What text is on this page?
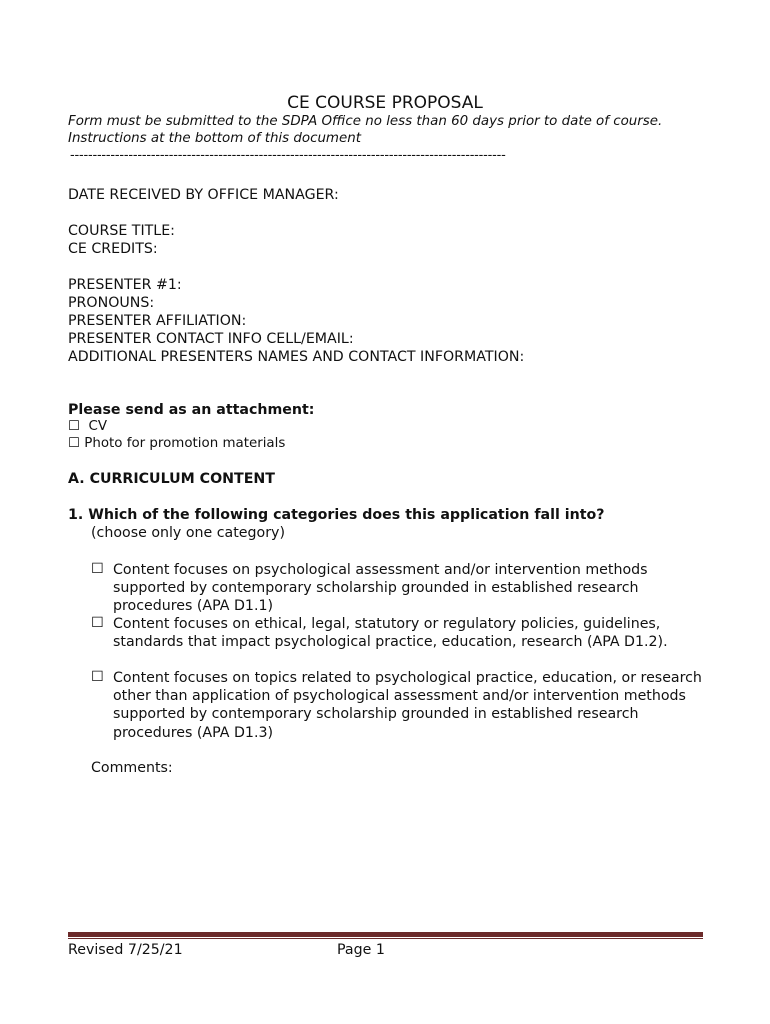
CE COURSE PROPOSAL
Form must be submitted to the SDPA Office no less than 60 days prior to date of course.
Instructions at the bottom of this document
-------------------------------------------------------------------------------------------------
DATE RECEIVED BY OFFICE MANAGER:
COURSE TITLE:
CE CREDITS:
PRESENTER #1:
PRONOUNS:
PRESENTER AFFILIATION:
PRESENTER CONTACT INFO CELL/EMAIL:
ADDITIONAL PRESENTERS NAMES AND CONTACT INFORMATION:
Please send as an attachment:
☐ CV
☐ Photo for promotion materials
A. CURRICULUM CONTENT
1. Which of the following categories does this application fall into?
(choose only one category)
☐ Content focuses on psychological assessment and/or intervention methods supported by contemporary scholarship grounded in established research procedures (APA D1.1)
☐ Content focuses on ethical, legal, statutory or regulatory policies, guidelines, standards that impact psychological practice, education, research (APA D1.2).
☐ Content focuses on topics related to psychological practice, education, or research other than application of psychological assessment and/or intervention methods supported by contemporary scholarship grounded in established research procedures (APA D1.3)
Comments:
Revised 7/25/21	Page 1
